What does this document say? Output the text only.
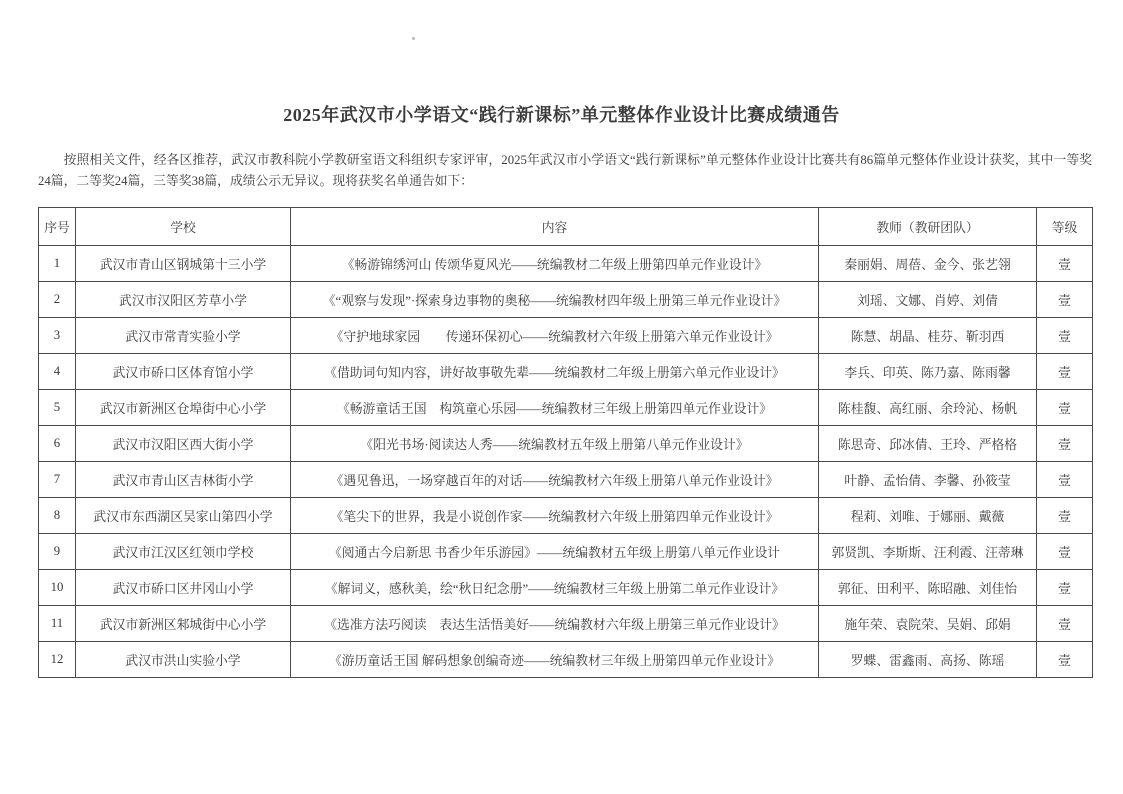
2025年武汉市小学语文“践行新课标”单元整体作业设计比赛成绩通告

按照相关文件，经各区推荐，武汉市教科院小学教研室语文科组织专家评审，2025年武汉市小学语文“践行新课标”单元整体作业设计比赛共有86篇单元整体作业设计获奖，其中一等奖24篇，二等奖24篇，三等奖38篇，成绩公示无异议。现将获奖名单通告如下：

序号	学校	内容	教师（教研团队）	等级
1	武汉市青山区钢城第十三小学	《畅游锦绣河山 传颂华夏风光——统编教材二年级上册第四单元作业设计》	秦丽娟、周蓓、金今、张艺翎	壹
2	武汉市汉阳区芳草小学	《“观察与发现”·探索身边事物的奥秘——统编教材四年级上册第三单元作业设计》	刘瑶、文娜、肖婷、刘倩	壹
3	武汉市常青实验小学	《守护地球家园　　传递环保初心——统编教材六年级上册第六单元作业设计》	陈慧、胡晶、桂芬、靳羽西	壹
4	武汉市硚口区体育馆小学	《借助词句知内容，讲好故事敬先辈——统编教材二年级上册第六单元作业设计》	李兵、印英、陈乃嘉、陈雨馨	壹
5	武汉市新洲区仓埠街中心小学	《畅游童话王国　构筑童心乐园——统编教材三年级上册第四单元作业设计》	陈桂馥、高红丽、余玲沁、杨帆	壹
6	武汉市汉阳区西大街小学	《阳光书场·阅读达人秀——统编教材五年级上册第八单元作业设计》	陈思奇、邱冰倩、王玲、严格格	壹
7	武汉市青山区吉林街小学	《遇见鲁迅，一场穿越百年的对话——统编教材六年级上册第八单元作业设计》	叶静、孟怡倩、李馨、孙筱莹	壹
8	武汉市东西湖区吴家山第四小学	《笔尖下的世界，我是小说创作家——统编教材六年级上册第四单元作业设计》	程莉、刘唯、于娜丽、戴薇	壹
9	武汉市江汉区红领巾学校	《阅通古今启新思 书香少年乐游园》——统编教材五年级上册第八单元作业设计	郭贤凯、李斯斯、汪利霞、汪蒂琳	壹
10	武汉市硚口区井冈山小学	《解词义，感秋美，绘“秋日纪念册”——统编教材三年级上册第二单元作业设计》	郭征、田利平、陈昭融、刘佳怡	壹
11	武汉市新洲区邾城街中心小学	《选准方法巧阅读　表达生活悟美好——统编教材六年级上册第三单元作业设计》	施年荣、袁院荣、吴娟、邱娟	壹
12	武汉市洪山实验小学	《游历童话王国 解码想象创编奇迹——统编教材三年级上册第四单元作业设计》	罗蝶、雷鑫雨、高扬、陈瑶	壹
